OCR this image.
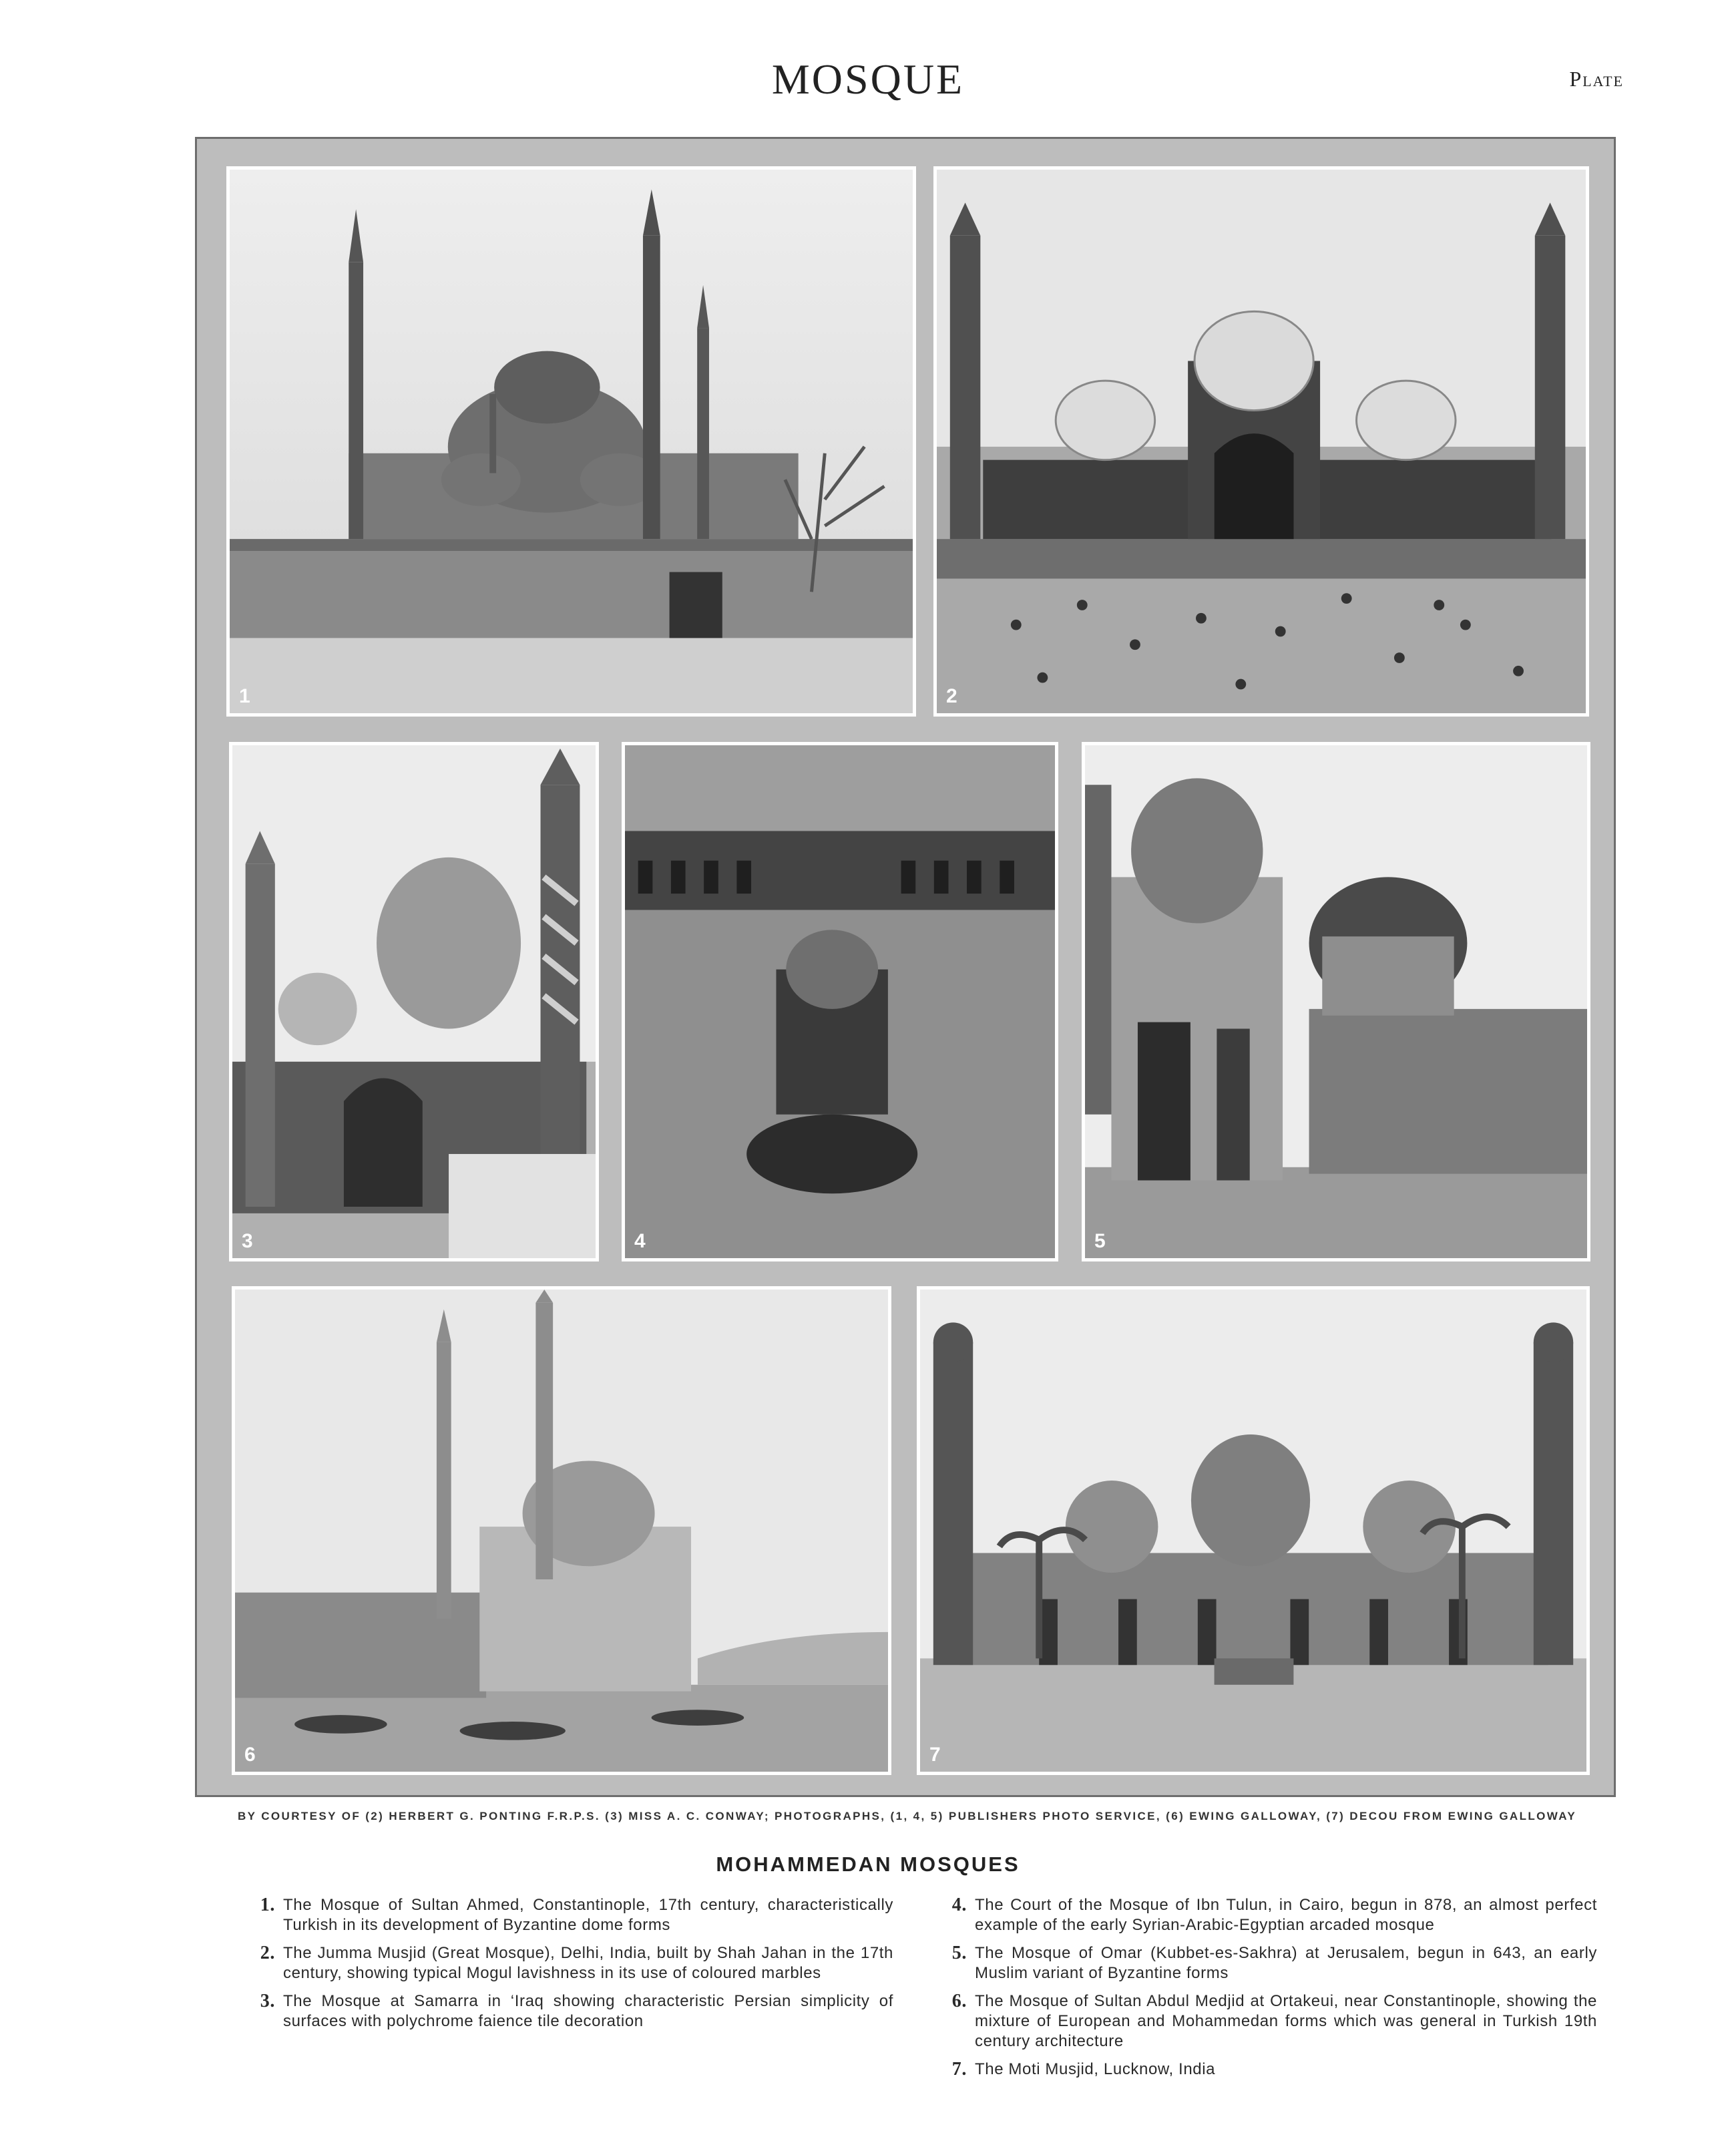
MOSQUE	Plate
1	2
3	4	5
6	7
BY COURTESY OF (2) HERBERT G. PONTING F.R.P.S. (3) MISS A. C. CONWAY; PHOTOGRAPHS, (1, 4, 5) PUBLISHERS PHOTO SERVICE, (6) EWING GALLOWAY, (7) DECOU FROM EWING GALLOWAY
MOHAMMEDAN MOSQUES
1. The Mosque of Sultan Ahmed, Constantinople, 17th century, characteristically Turkish in its development of Byzantine dome forms
2. The Jumma Musjid (Great Mosque), Delhi, India, built by Shah Jahan in the 17th century, showing typical Mogul lavishness in its use of coloured marbles
3. The Mosque at Samarra in ‘Iraq showing characteristic Persian simplicity of surfaces with polychrome faience tile decoration
4. The Court of the Mosque of Ibn Tulun, in Cairo, begun in 878, an almost perfect example of the early Syrian-Arabic-Egyptian arcaded mosque
5. The Mosque of Omar (Kubbet-es-Sakhra) at Jerusalem, begun in 643, an early Muslim variant of Byzantine forms
6. The Mosque of Sultan Abdul Medjid at Ortakeui, near Constantinople, showing the mixture of European and Mohammedan forms which was general in Turkish 19th century architecture
7. The Moti Musjid, Lucknow, India
